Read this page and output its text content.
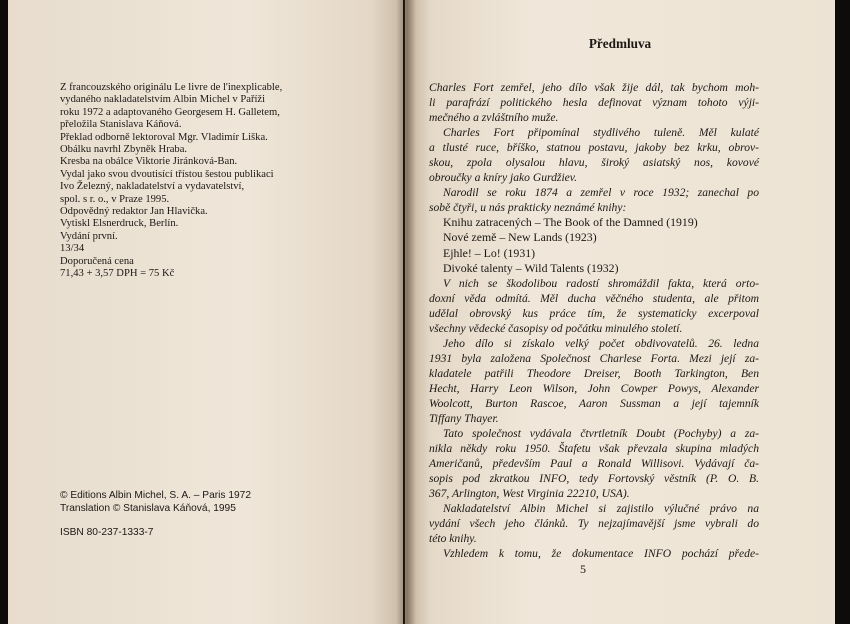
Z francouzského originálu Le livre de l'inexplicable,
vydaného nakladatelstvím Albin Michel v Paříži
roku 1972 a adaptovaného Georgesem H. Galletem,
přeložila Stanislava Káňová.
Překlad odborně lektoroval Mgr. Vladimír Liška.
Obálku navrhl Zbyněk Hraba.
Kresba na obálce Viktorie Jiránková-Ban.
Vydal jako svou dvoutisící třístou šestou publikaci
Ivo Železný, nakladatelství a vydavatelství,
spol. s r. o., v Praze 1995.
Odpovědný redaktor Jan Hlavička.
Vytiskl Elsnerdruck, Berlín.
Vydání první.
13/34
Doporučená cena
71,43 + 3,57 DPH = 75 Kč
© Editions Albin Michel, S. A. – Paris 1972
Translation © Stanislava Káňová, 1995
ISBN 80-237-1333-7
Předmluva
Charles Fort zemřel, jeho dílo však žije dál, tak bychom moh-
li parafrází politického hesla definovat význam tohoto výji-
mečného a zvláštního muže.
Charles Fort připomínal stydlivého tuleně. Měl kulaté
a tlusté ruce, bříško, statnou postavu, jakoby bez krku, obrov-
skou, zpola olysalou hlavu, široký asiatský nos, kovové
obroučky a kníry jako Gurdžiev.
Narodil se roku 1874 a zemřel v roce 1932; zanechal po
sobě čtyři, u nás prakticky neznámé knihy:
Knihu zatracených – The Book of the Damned (1919)
Nové země – New Lands (1923)
Ejhle! – Lo! (1931)
Divoké talenty – Wild Talents (1932)
V nich se škodolibou radostí shromáždil fakta, která orto-
doxní věda odmítá. Měl ducha věčného studenta, ale přitom
udělal obrovský kus práce tím, že systematicky excerpoval
všechny vědecké časopisy od počátku minulého století.
Jeho dílo si získalo velký počet obdivovatelů. 26. ledna
1931 byla založena Společnost Charlese Forta. Mezi její za-
kladatele patřili Theodore Dreiser, Booth Tarkington, Ben
Hecht, Harry Leon Wilson, John Cowper Powys, Alexander
Woolcott, Burton Rascoe, Aaron Sussman a její tajemník
Tiffany Thayer.
Tato společnost vydávala čtvrtletník Doubt (Pochyby) a za-
nikla někdy roku 1950. Štafetu však převzala skupina mladých
Američanů, především Paul a Ronald Willisovi. Vydávají ča-
sopis pod zkratkou INFO, tedy Fortovský věstník (P. O. B.
367, Arlington, West Virginia 22210, USA).
Nakladatelství Albin Michel si zajistilo výlučné právo na
vydání všech jeho článků. Ty nejzajímavější jsme vybrali do
této knihy.
Vzhledem k tomu, že dokumentace INFO pochází přede-
5
